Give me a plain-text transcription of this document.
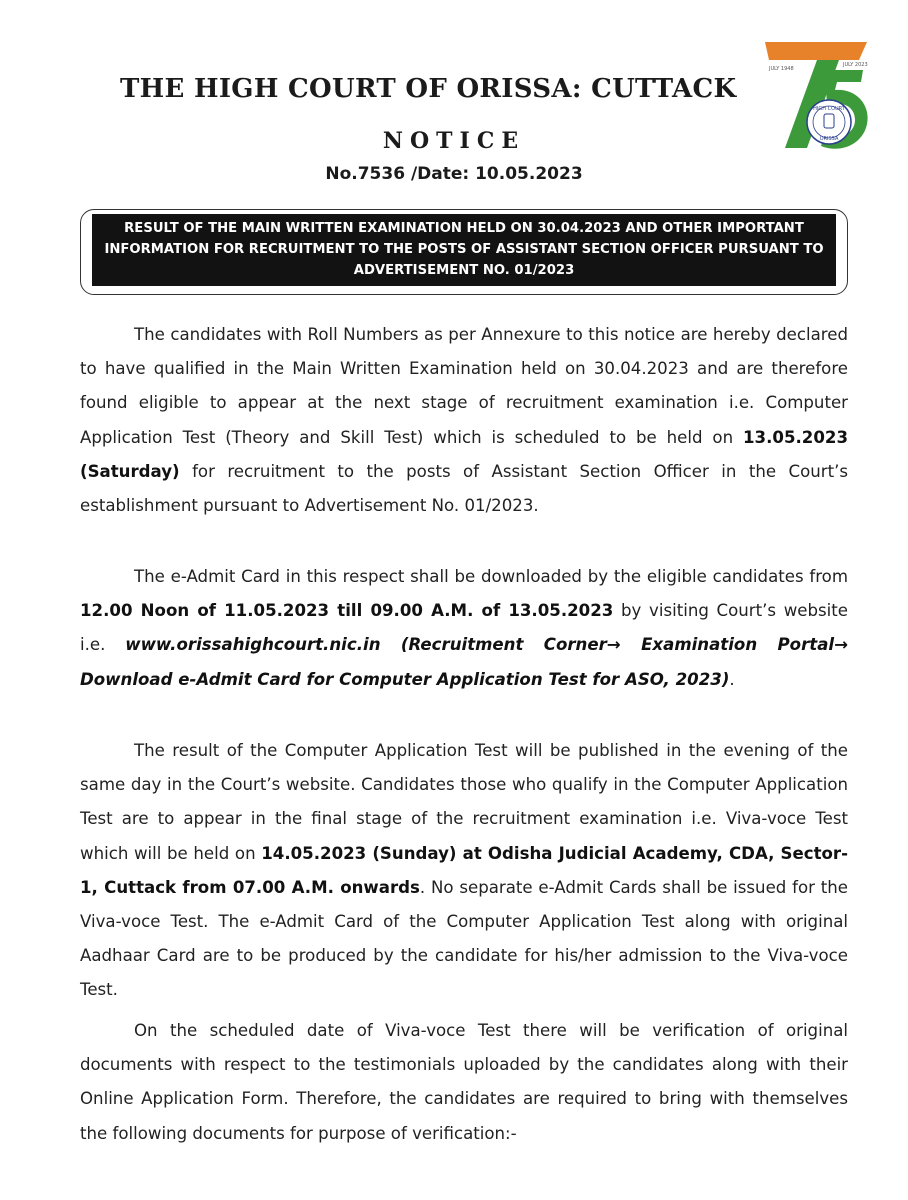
THE HIGH COURT OF ORISSA: CUTTACK
HIGH COURT
ORISSA
JULY 1948
JULY 2023
NOTICE
No.7536 /Date: 10.05.2023
RESULT OF THE MAIN WRITTEN EXAMINATION HELD ON 30.04.2023 AND OTHER IMPORTANT
INFORMATION FOR RECRUITMENT TO THE POSTS OF ASSISTANT SECTION OFFICER PURSUANT TO
ADVERTISEMENT NO. 01/2023

The candidates with Roll Numbers as per Annexure to this notice are hereby declared to have qualified in the Main Written Examination held on 30.04.2023 and are therefore found eligible to appear at the next stage of recruitment examination i.e. Computer Application Test (Theory and Skill Test) which is scheduled to be held on 13.05.2023 (Saturday) for recruitment to the posts of Assistant Section Officer in the Court’s establishment pursuant to Advertisement No. 01/2023.

The e-Admit Card in this respect shall be downloaded by the eligible candidates from 12.00 Noon of 11.05.2023 till 09.00 A.M. of 13.05.2023 by visiting Court’s website i.e. www.orissahighcourt.nic.in (Recruitment Corner→ Examination Portal→ Download e-Admit Card for Computer Application Test for ASO, 2023).

The result of the Computer Application Test will be published in the evening of the same day in the Court’s website. Candidates those who qualify in the Computer Application Test are to appear in the final stage of the recruitment examination i.e. Viva-voce Test which will be held on 14.05.2023 (Sunday) at Odisha Judicial Academy, CDA, Sector-1, Cuttack from 07.00 A.M. onwards. No separate e-Admit Cards shall be issued for the Viva-voce Test. The e-Admit Card of the Computer Application Test along with original Aadhaar Card are to be produced by the candidate for his/her admission to the Viva-voce Test.

On the scheduled date of Viva-voce Test there will be verification of original documents with respect to the testimonials uploaded by the candidates along with their Online Application Form. Therefore, the candidates are required to bring with themselves the following documents for purpose of verification:-
